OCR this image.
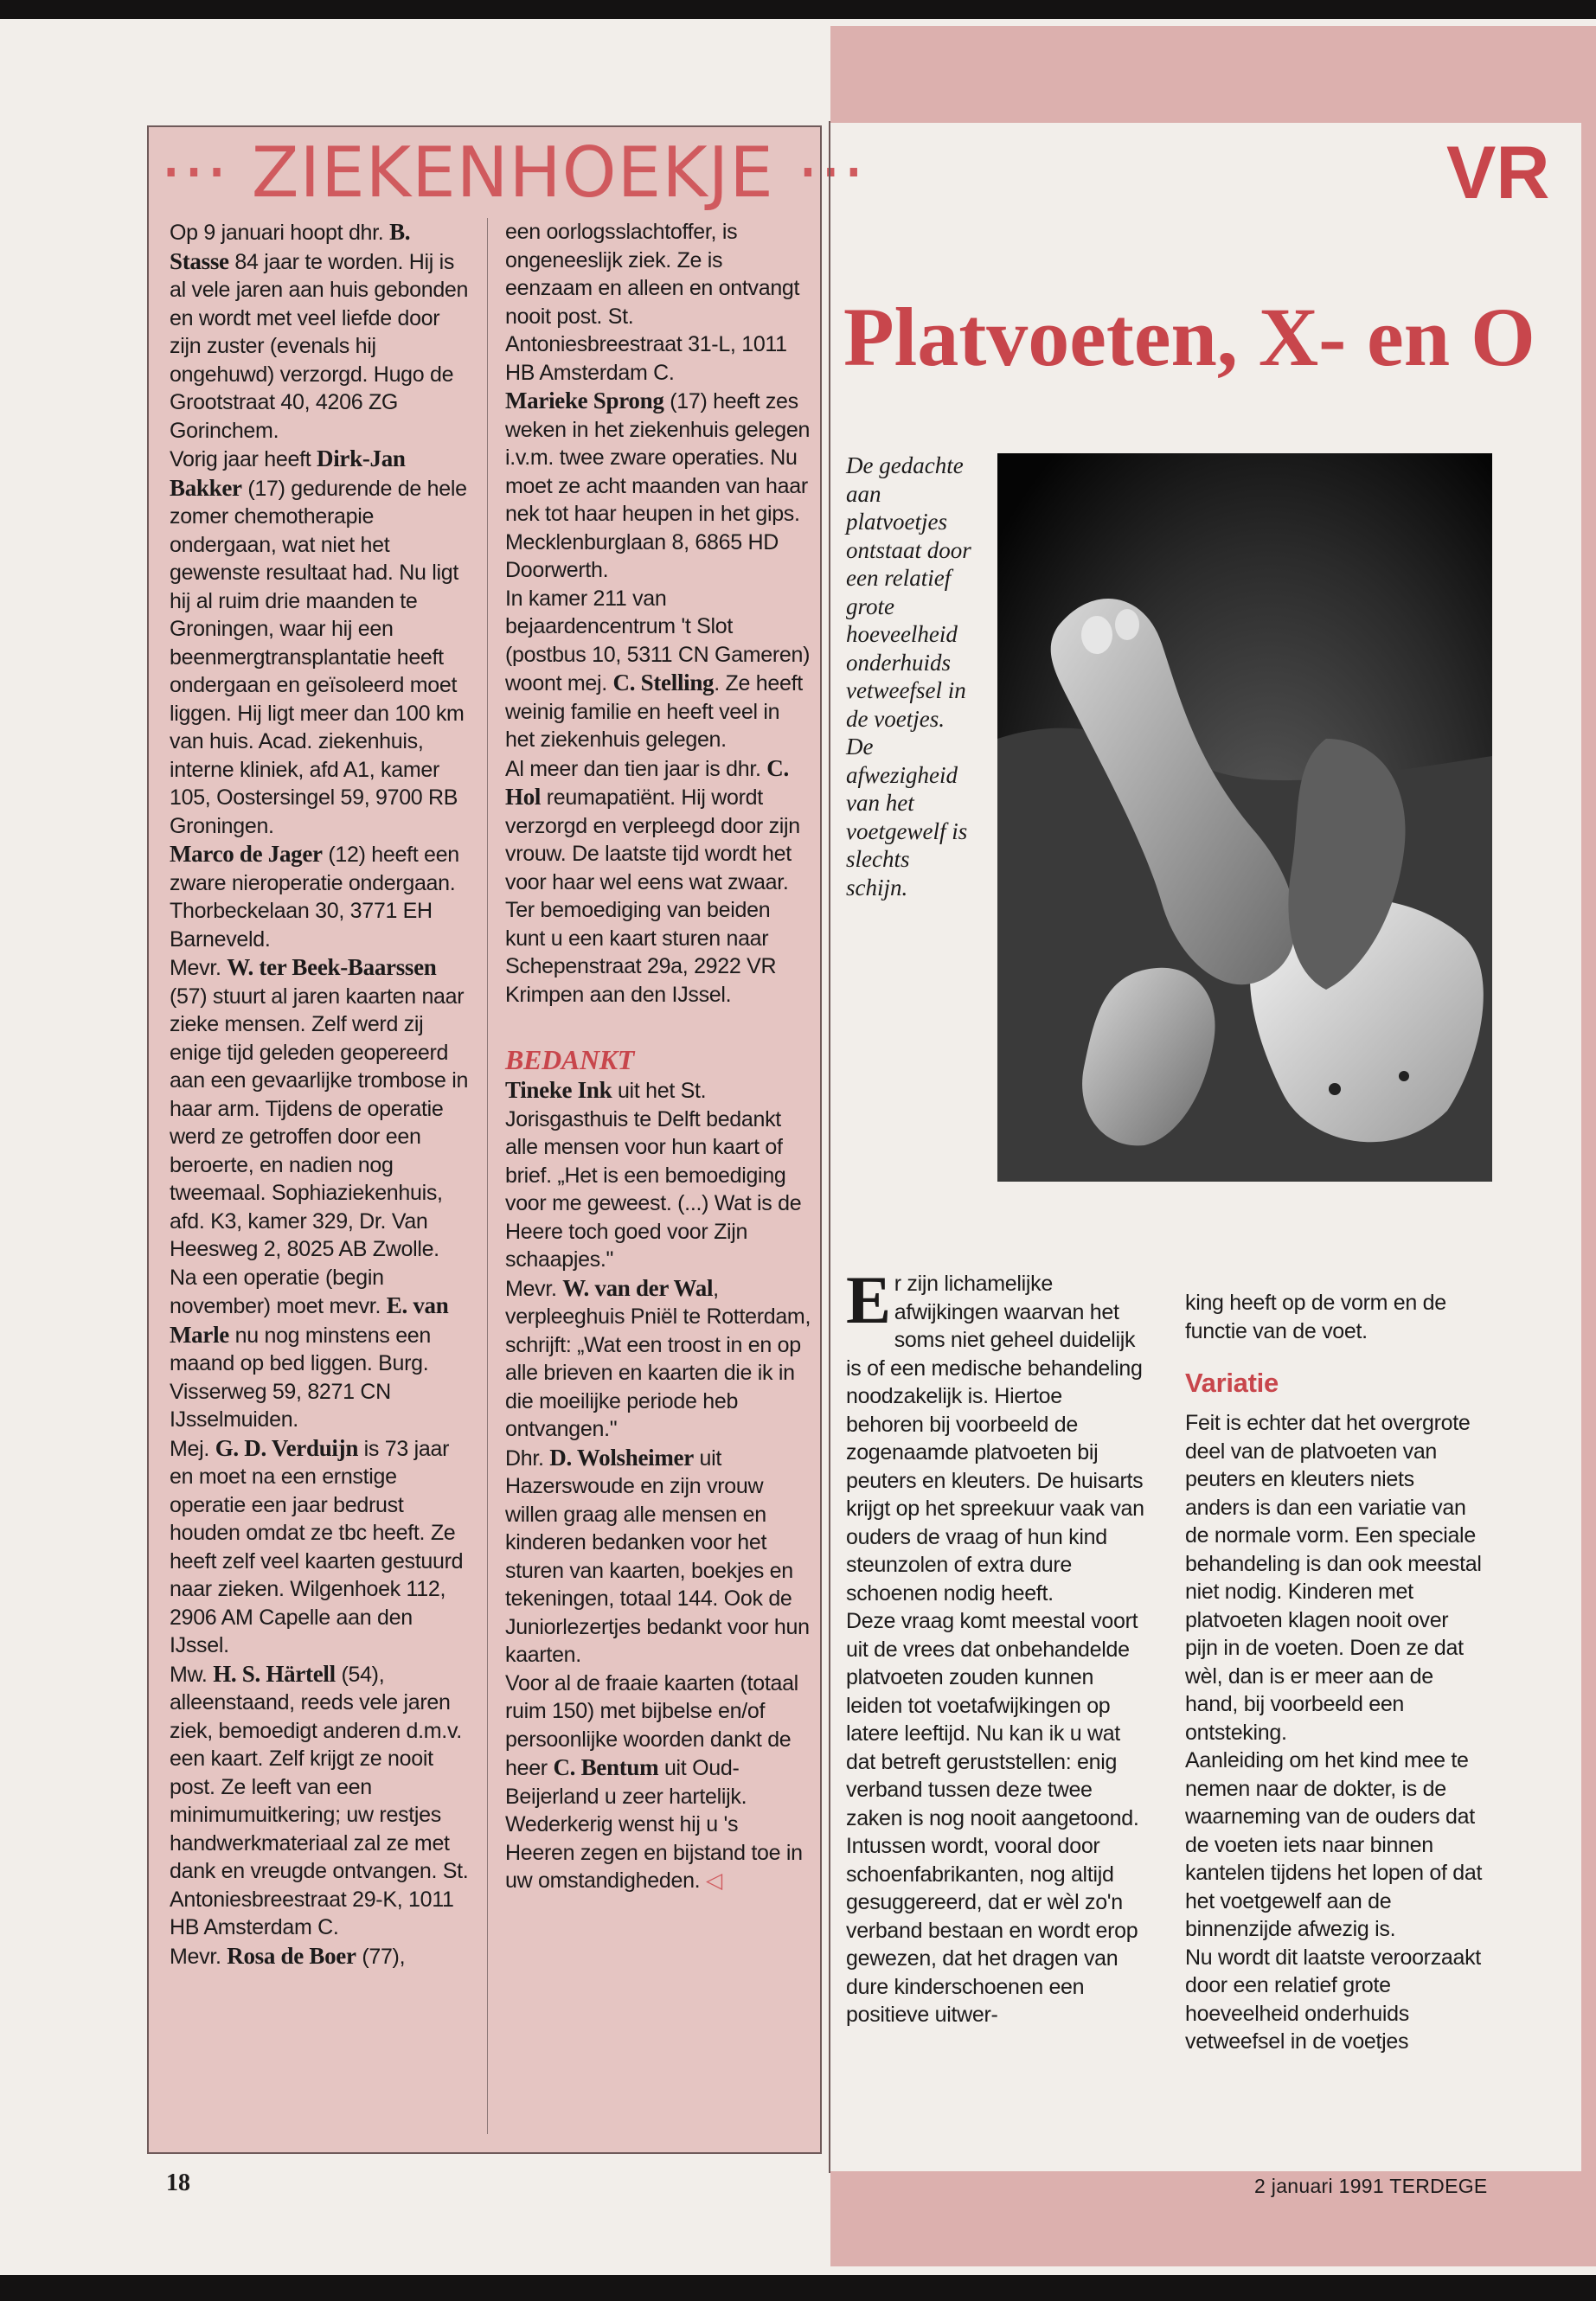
··· ZIEKENHOEKJE ···

Op 9 januari hoopt dhr. B. Stasse 84 jaar te worden. Hij is al vele jaren aan huis gebonden en wordt met veel liefde door zijn zuster (evenals hij ongehuwd) verzorgd. Hugo de Grootstraat 40, 4206 ZG Gorinchem.

Vorig jaar heeft Dirk-Jan Bakker (17) gedurende de hele zomer chemotherapie ondergaan, wat niet het gewenste resultaat had. Nu ligt hij al ruim drie maanden te Groningen, waar hij een beenmergtransplantatie heeft ondergaan en geïsoleerd moet liggen. Hij ligt meer dan 100 km van huis. Acad. ziekenhuis, interne kliniek, afd A1, kamer 105, Oostersingel 59, 9700 RB Groningen.

Marco de Jager (12) heeft een zware nieroperatie ondergaan. Thorbeckelaan 30, 3771 EH Barneveld.

Mevr. W. ter Beek-Baarssen (57) stuurt al jaren kaarten naar zieke mensen. Zelf werd zij enige tijd geleden geopereerd aan een gevaarlijke trombose in haar arm. Tijdens de operatie werd ze getroffen door een beroerte, en nadien nog tweemaal. Sophiaziekenhuis, afd. K3, kamer 329, Dr. Van Heesweg 2, 8025 AB Zwolle.

Na een operatie (begin november) moet mevr. E. van Marle nu nog minstens een maand op bed liggen. Burg. Visserweg 59, 8271 CN IJsselmuiden.

Mej. G. D. Verduijn is 73 jaar en moet na een ernstige operatie een jaar bedrust houden omdat ze tbc heeft. Ze heeft zelf veel kaarten gestuurd naar zieken. Wilgenhoek 112, 2906 AM Capelle aan den IJssel.

Mw. H. S. Härtell (54), alleenstaand, reeds vele jaren ziek, bemoedigt anderen d.m.v. een kaart. Zelf krijgt ze nooit post. Ze leeft van een minimumuitkering; uw restjes handwerkmateriaal zal ze met dank en vreugde ontvangen. St. Antoniesbreestraat 29-K, 1011 HB Amsterdam C.

Mevr. Rosa de Boer (77),

een oorlogsslachtoffer, is ongeneeslijk ziek. Ze is eenzaam en alleen en ontvangt nooit post. St. Antoniesbreestraat 31-L, 1011 HB Amsterdam C.

Marieke Sprong (17) heeft zes weken in het ziekenhuis gelegen i.v.m. twee zware operaties. Nu moet ze acht maanden van haar nek tot haar heupen in het gips. Mecklenburglaan 8, 6865 HD Doorwerth.

In kamer 211 van bejaardencentrum 't Slot (postbus 10, 5311 CN Gameren) woont mej. C. Stelling. Ze heeft weinig familie en heeft veel in het ziekenhuis gelegen.

Al meer dan tien jaar is dhr. C. Hol reumapatiënt. Hij wordt verzorgd en verpleegd door zijn vrouw. De laatste tijd wordt het voor haar wel eens wat zwaar. Ter bemoediging van beiden kunt u een kaart sturen naar Schepenstraat 29a, 2922 VR Krimpen aan den IJssel.

BEDANKT

Tineke Ink uit het St. Jorisgasthuis te Delft bedankt alle mensen voor hun kaart of brief. „Het is een bemoediging voor me geweest. (...) Wat is de Heere toch goed voor Zijn schaapjes."

Mevr. W. van der Wal, verpleeghuis Pniël te Rotterdam, schrijft: „Wat een troost in en op alle brieven en kaarten die ik in die moeilijke periode heb ontvangen."

Dhr. D. Wolsheimer uit Hazerswoude en zijn vrouw willen graag alle mensen en kinderen bedanken voor het sturen van kaarten, boekjes en tekeningen, totaal 144. Ook de Juniorlezertjes bedankt voor hun kaarten.

Voor al de fraaie kaarten (totaal ruim 150) met bijbelse en/of persoonlijke woorden dankt de heer C. Bentum uit Oud-Beijerland u zeer hartelijk. Wederkerig wenst hij u 's Heeren zegen en bijstand toe in uw omstandigheden. ◁

VR
Platvoeten, X- en O
De gedachte aan platvoetjes ontstaat door een relatief grote hoeveelheid onderhuids vetweefsel in de voetjes. De afwezigheid van het voetgewelf is slechts schijn.

Er zijn lichamelijke afwijkingen waarvan het soms niet geheel duidelijk is of een medische behandeling noodzakelijk is. Hiertoe behoren bij voorbeeld de zogenaamde platvoeten bij peuters en kleuters. De huisarts krijgt op het spreekuur vaak van ouders de vraag of hun kind steunzolen of extra dure schoenen nodig heeft.

Deze vraag komt meestal voort uit de vrees dat onbehandelde platvoeten zouden kunnen leiden tot voetafwijkingen op latere leeftijd. Nu kan ik u wat dat betreft geruststellen: enig verband tussen deze twee zaken is nog nooit aangetoond. Intussen wordt, vooral door schoenfabrikanten, nog altijd gesuggereerd, dat er wèl zo'n verband bestaan en wordt erop gewezen, dat het dragen van dure kinderschoenen een positieve uitwer-

king heeft op de vorm en de functie van de voet.

Variatie

Feit is echter dat het overgrote deel van de platvoeten van peuters en kleuters niets anders is dan een variatie van de normale vorm. Een speciale behandeling is dan ook meestal niet nodig. Kinderen met platvoeten klagen nooit over pijn in de voeten. Doen ze dat wèl, dan is er meer aan de hand, bij voorbeeld een ontsteking.

Aanleiding om het kind mee te nemen naar de dokter, is de waarneming van de ouders dat de voeten iets naar binnen kantelen tijdens het lopen of dat het voetgewelf aan de binnenzijde afwezig is.

Nu wordt dit laatste veroorzaakt door een relatief grote hoeveelheid onderhuids vetweefsel in de voetjes

18	2 januari 1991 TERDEGE
